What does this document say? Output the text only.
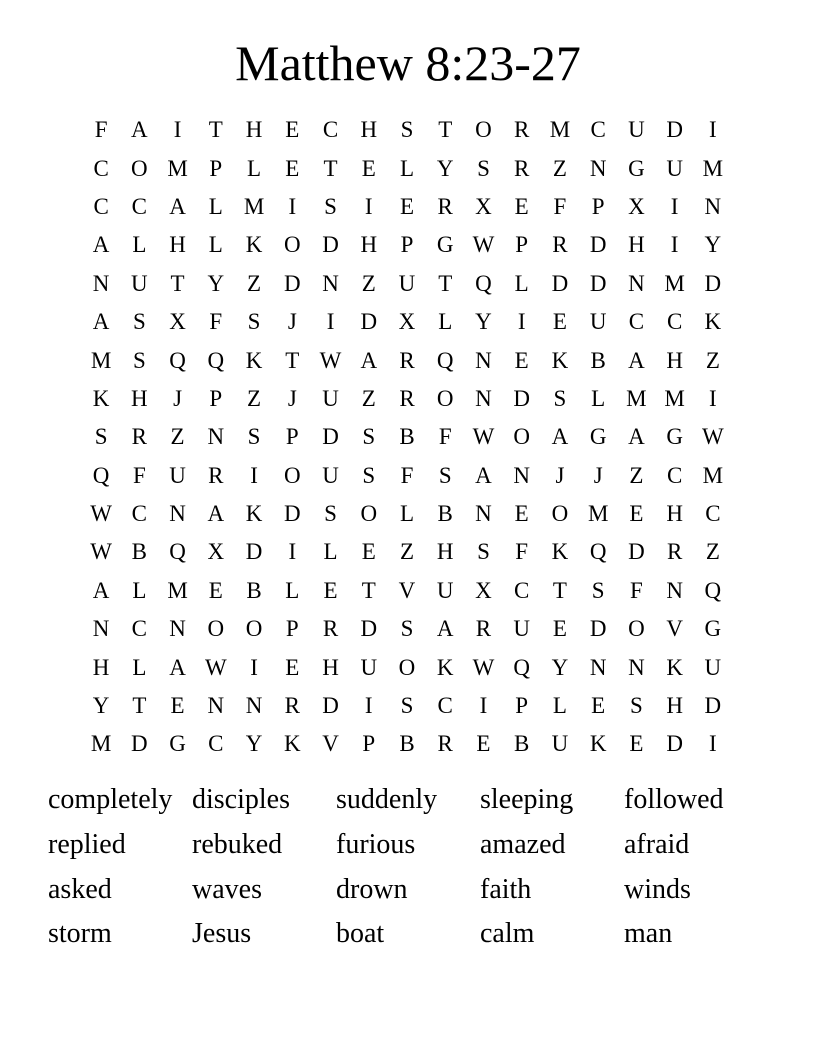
Matthew 8:23-27
F	A	I	T H E	C H	S	T O R M C U D	I
C O M P	L	E	T	E	L Y	S	R	Z N G U M
C C A L M	I	S	I	E	R X E	F	P	X	I	N
A L H L K O D H	P	G W P	R D H	I	Y
N U T Y Z D N Z U T Q L D D N M D
A	S	X	F	S	J	I	D X L Y	I	E U C C K
M S	Q Q K T W A R Q N E K B A H Z
K H	J	P	Z	J	U Z	R O N D	S	L M M	I
S	R	Z N	S	P	D	S	B	F W O A G A G W
Q	F	U R	I	O U	S	F	S	A N	J	J	Z	C M
W C N A K D	S	O L	B N E O M E H C
W B Q X D	I	L	E	Z H	S	F	K Q D R	Z
A L M E	B	L	E	T V U X C	T	S	F	N Q
N C N O O	P	R D	S	A R U E D O V G
H L A W	I	E H U O K W Q Y N N K U
Y T	E N N R D	I	S	C	I	P	L	E	S	H D
M D G C Y K V	P	B R	E	B U K E D	I
completely disciples	suddenly	sleeping	followed
replied	rebuked	furious	amazed	afraid
asked	waves	drown	faith	winds
storm	Jesus	boat	calm	man
